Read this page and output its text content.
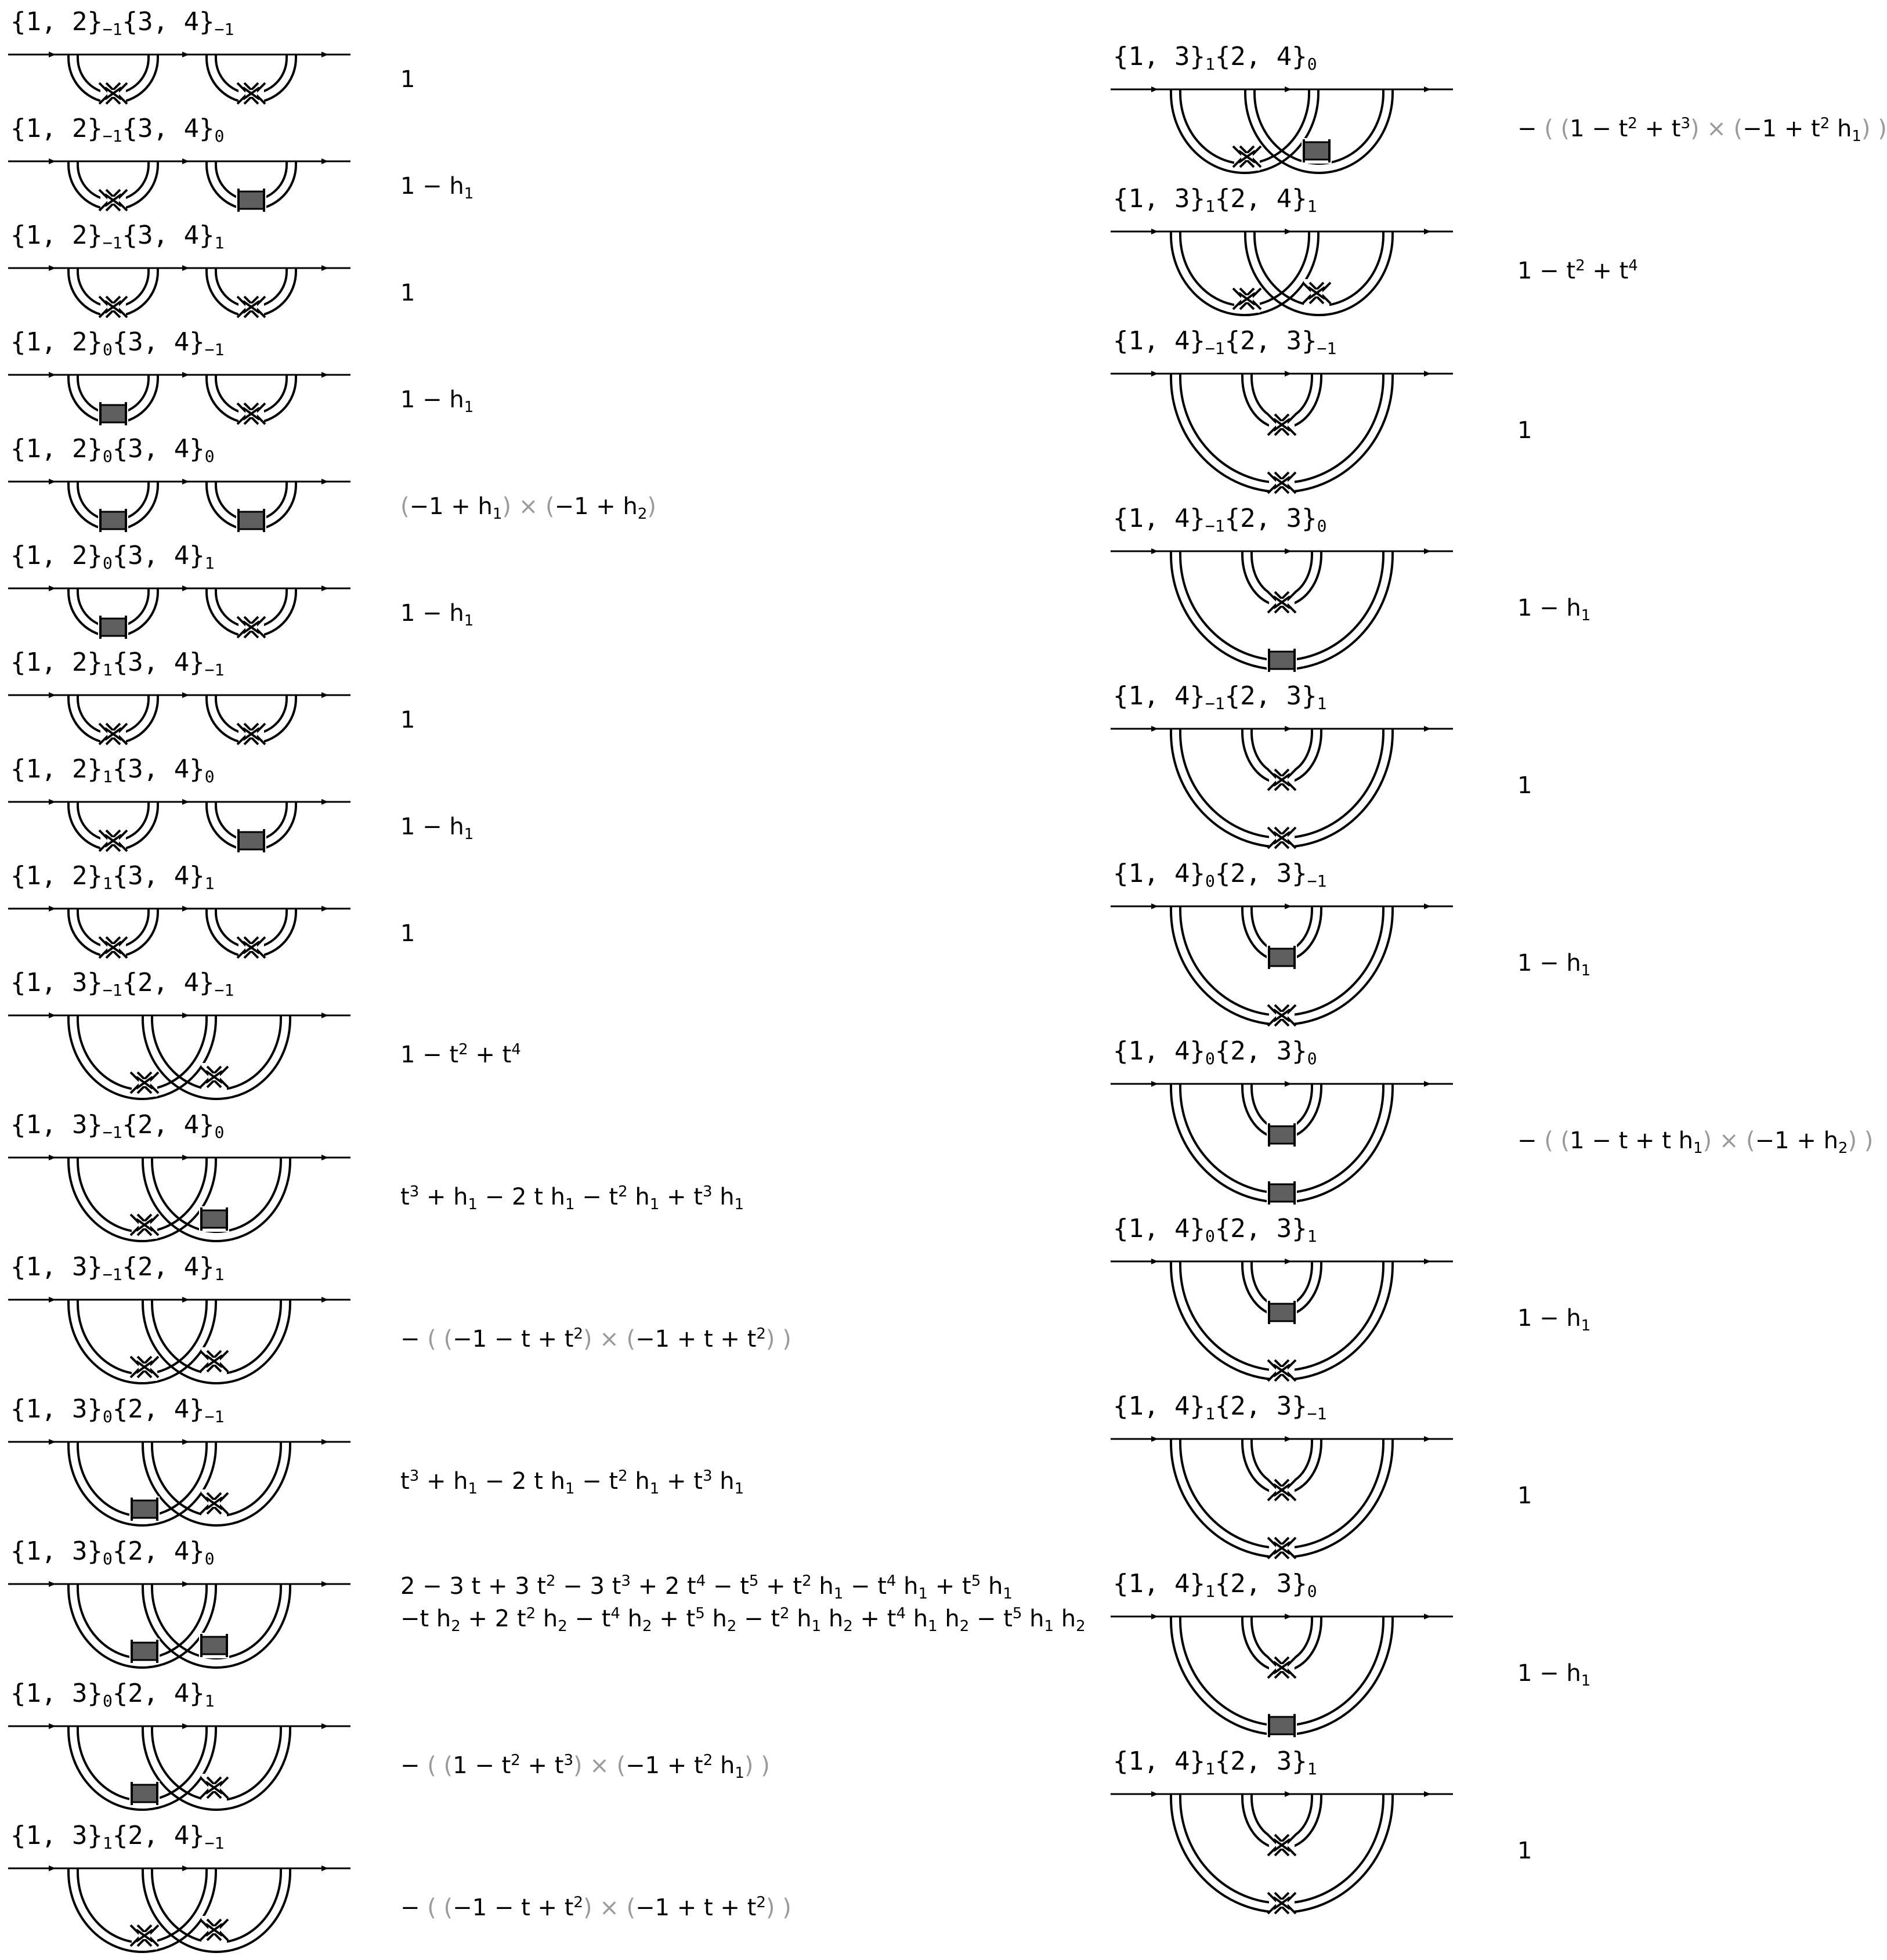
{1, $2\}_{-1}\{3$, $4\}_{-1}$
1
{1, $2\}_{-1}\{3$, $4\}_0$
$1 - h_1$
{1, $2\}_{-1}\{3$, $4\}_1$
1
{1, $2\}_0\{3$, $4\}_{-1}$
$1 - h_1$
{1, $2\}_0\{3$, $4\}_0$
$(-1 + h_1) \times (-1 + h_2)$
{1, $2\}_0\{3$, $4\}_1$
$1 - h_1$
{1, $2\}_1\{3$, $4\}_{-1}$
1
{1, $2\}_1\{3$, $4\}_0$
$1 - h_1$
{1, $2\}_1\{3$, $4\}_1$
1
{1, $3\}_{-1}\{2$, $4\}_{-1}$
$1 - t^2 + t^4$
{1, $3\}_{-1}\{2$, $4\}_0$
$t^3 + h_1 - 2$ t $h_1 - t^2$ $h_1 + t^3$ $h_1$
{1, $3\}_{-1}\{2$, $4\}_1$
− ( $(-1 - t + t^2) \times (-1 + t + t^2)$ )
{1, $3\}_0\{2$, $4\}_{-1}$
$t^3 + h_1 - 2$ t $h_1 - t^2$ $h_1 + t^3$ $h_1$
{1, $3\}_0\{2$, $4\}_0$
2 − 3 t + 3 $t^2 - 3$ $t^3 + 2$ $t^4 - t^5 + t^2$ $h_1 - t^4$ $h_1 + t^5$ $h_1$
−t $h_2 + 2$ $t^2$ $h_2 - t^4$ $h_2 + t^5$ $h_2 - t^2$ $h_1$ $h_2 + t^4$ $h_1$ $h_2 - t^5$ $h_1$ $h_2$
{1, $3\}_0\{2$, $4\}_1$
− ( $(1 - t^2 + t^3) \times (-1 + t^2$ $h_1$) )
{1, $3\}_1\{2$, $4\}_{-1}$
− ( $(-1 - t + t^2) \times (-1 + t + t^2)$ )
{1, $3\}_1\{2$, $4\}_0$
− ( $(1 - t^2 + t^3) \times (-1 + t^2$ $h_1$) )
{1, $3\}_1\{2$, $4\}_1$
$1 - t^2 + t^4$
{1, $4\}_{-1}\{2$, $3\}_{-1}$
1
{1, $4\}_{-1}\{2$, $3\}_0$
$1 - h_1$
{1, $4\}_{-1}\{2$, $3\}_1$
1
{1, $4\}_0\{2$, $3\}_{-1}$
$1 - h_1$
{1, $4\}_0\{2$, $3\}_0$
− ( (1 − t + t $h_1) \times (-1 + h_2)$ )
{1, $4\}_0\{2$, $3\}_1$
$1 - h_1$
{1, $4\}_1\{2$, $3\}_{-1}$
1
{1, $4\}_1\{2$, $3\}_0$
$1 - h_1$
{1, $4\}_1\{2$, $3\}_1$
1
